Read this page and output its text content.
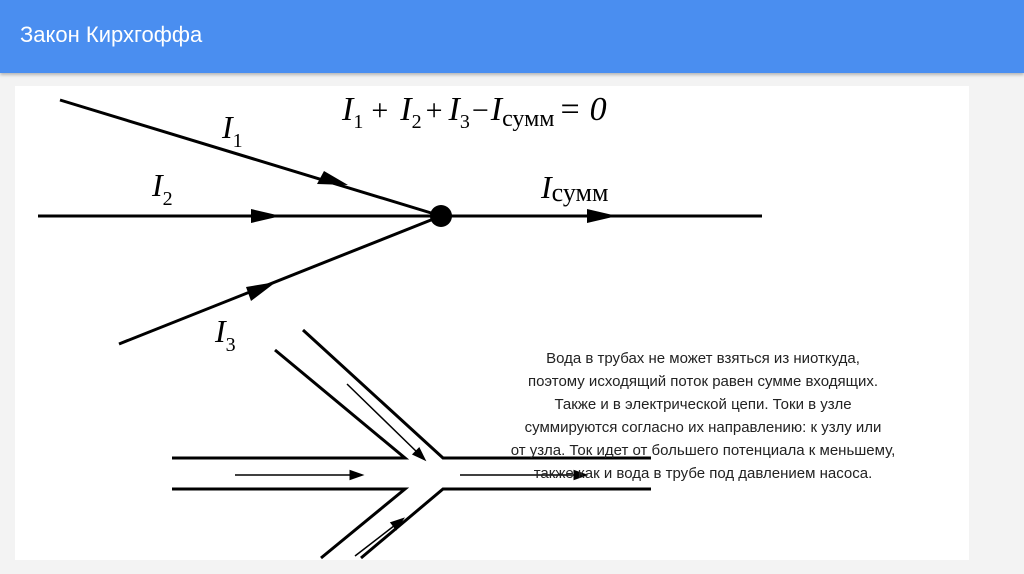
Закон Кирхгоффа
$I_1 + I_2$ + $I_3-Iсумм = 0$
$I_1$
$I_2$
$I_3$
Iсумм
Вода в трубах не может взяться из ниоткуда,
поэтому исходящий поток равен сумме входящих.
Также и в электрической цепи. Токи в узле
суммируются согласно их направлению: к узлу или
от узла. Ток идет от большего потенциала к меньшему,
также как и вода в трубе под давлением насоса.
